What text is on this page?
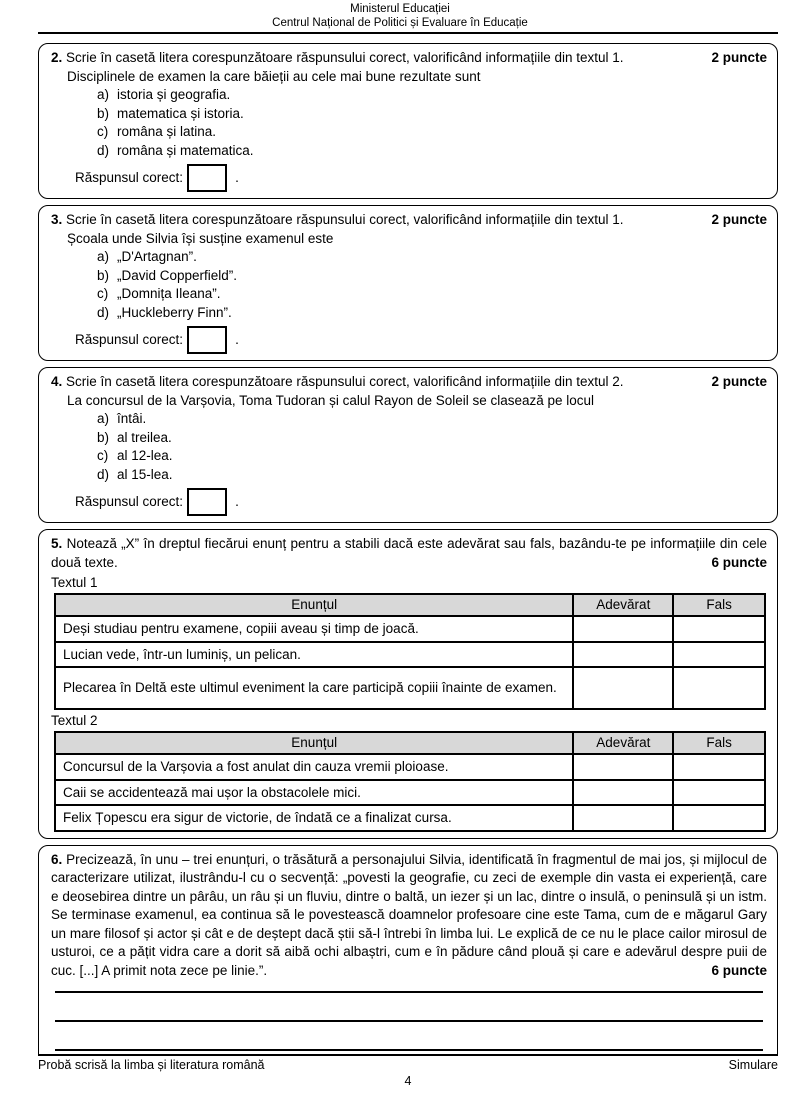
Ministerul Educației
Centrul Național de Politici și Evaluare în Educație
2. Scrie în casetă litera corespunzătoare răspunsului corect, valorificând informațiile din textul 1.	2 puncte
Disciplinele de examen la care băieții au cele mai bune rezultate sunt
a) istoria și geografia.
b) matematica și istoria.
c) româna și latina.
d) româna și matematica.
Răspunsul corect:	.
3. Scrie în casetă litera corespunzătoare răspunsului corect, valorificând informațiile din textul 1.	2 puncte
Școala unde Silvia își susține examenul este
a) „D'Artagnan”.
b) „David Copperfield”.
c) „Domnița Ileana”.
d) „Huckleberry Finn”.
Răspunsul corect:	.
4. Scrie în casetă litera corespunzătoare răspunsului corect, valorificând informațiile din textul 2.	2 puncte
La concursul de la Varșovia, Toma Tudoran și calul Rayon de Soleil se clasează pe locul
a) întâi.
b) al treilea.
c) al 12-lea.
d) al 15-lea.
Răspunsul corect:	.

5. Notează „X” în dreptul fiecărui enunț pentru a stabili dacă este adevărat sau fals, bazându-te pe informațiile din cele două texte.	6 puncte
Textul 1
Enunțul	Adevărat	Fals
Deși studiau pentru examene, copiii aveau și timp de joacă.		
Lucian vede, într-un luminiș, un pelican.		
Plecarea în Deltă este ultimul eveniment la care participă copiii înainte de examen.		
Textul 2
Enunțul	Adevărat	Fals
Concursul de la Varșovia a fost anulat din cauza vremii ploioase.		
Caii se accidentează mai ușor la obstacolele mici.		
Felix Țopescu era sigur de victorie, de îndată ce a finalizat cursa.		

6. Precizează, în unu – trei enunțuri, o trăsătură a personajului Silvia, identificată în fragmentul de mai jos, și mijlocul de caracterizare utilizat, ilustrându-l cu o secvență: „povesti la geografie, cu zeci de exemple din vasta ei experiență, care e deosebirea dintre un pârâu, un râu și un fluviu, dintre o baltă, un iezer și un lac, dintre o insulă, o peninsulă și un istm. Se terminase examenul, ea continua să le povestească doamnelor profesoare cine este Tama, cum de e măgarul Gary un mare filosof și actor și cât e de deștept dacă știi să-l întrebi în limba lui. Le explică de ce nu le place cailor mirosul de usturoi, ce a pățit vidra care a dorit să aibă ochi albaștri, cum e în pădure când plouă și care e adevărul despre puii de cuc. [...] A primit nota zece pe linie.”.	6 puncte
Probă scrisă la limba și literatura română	Simulare
4
